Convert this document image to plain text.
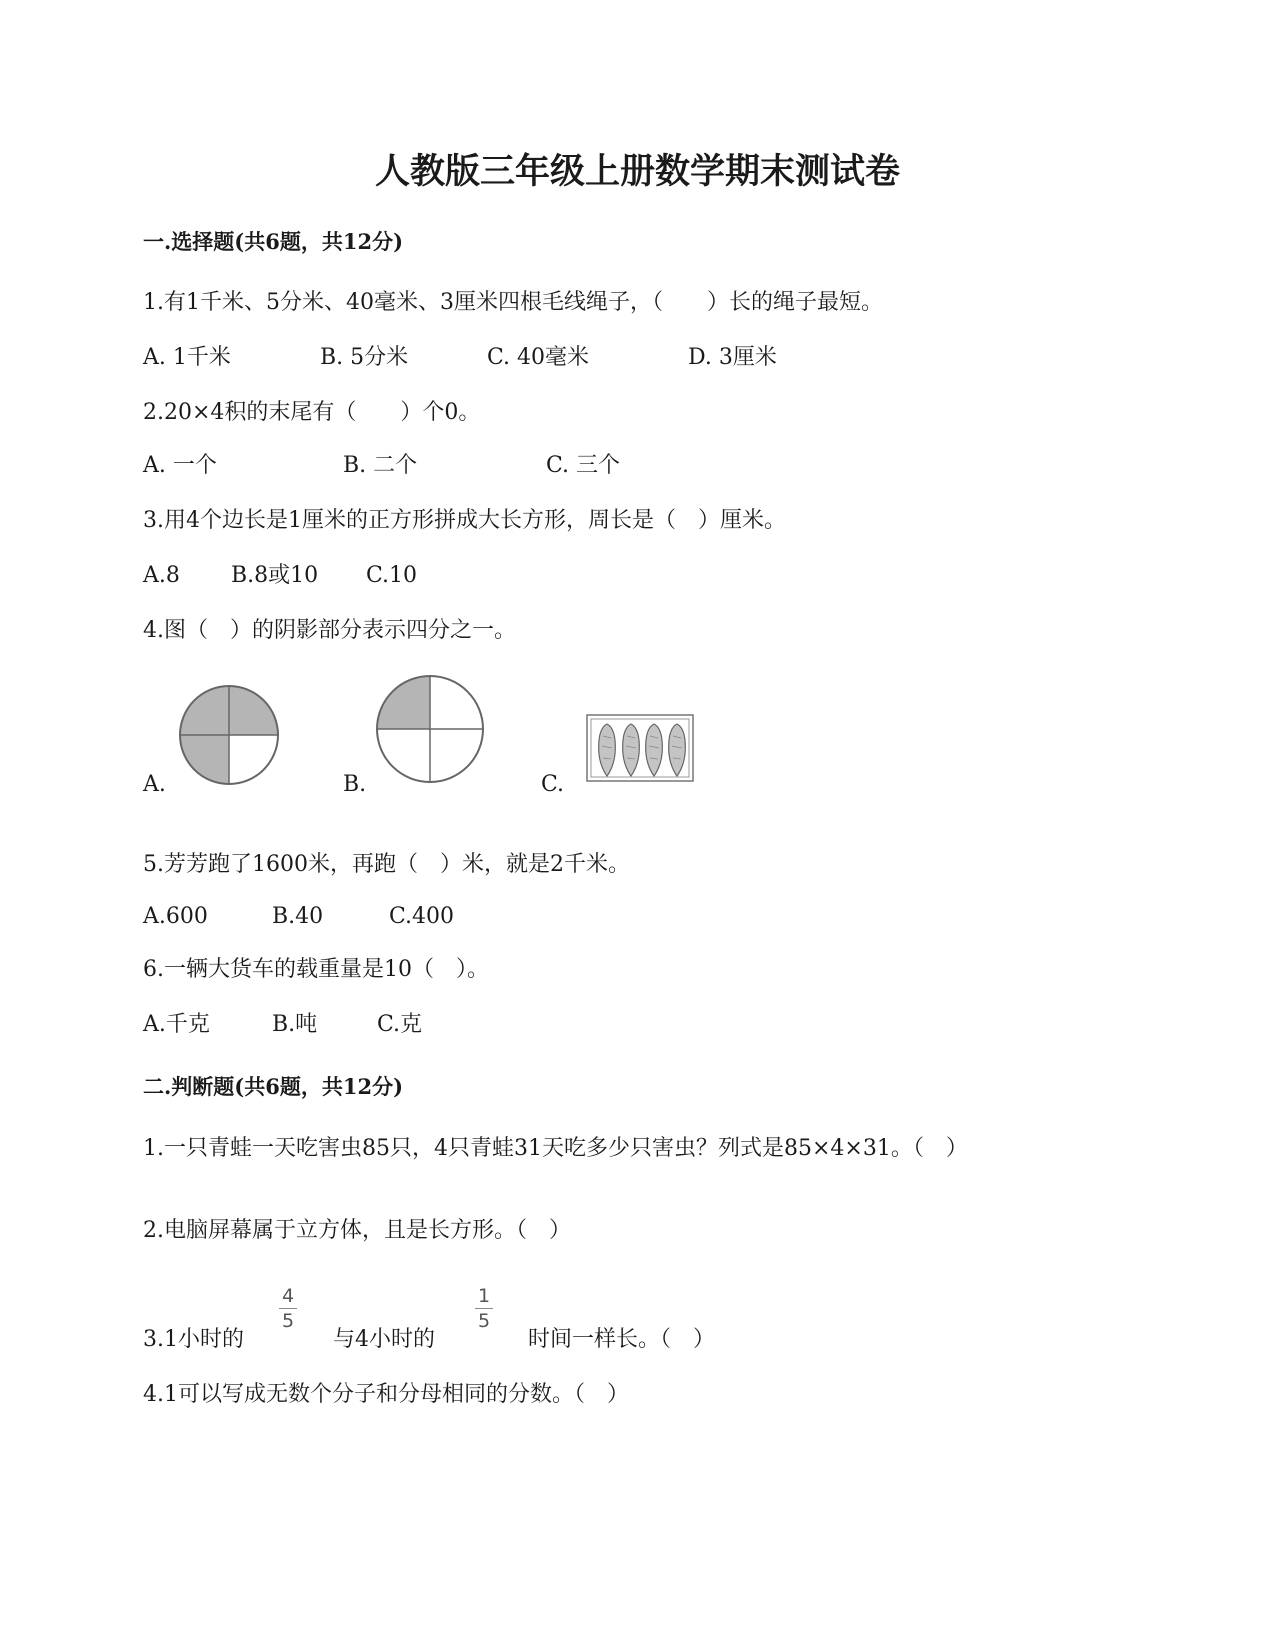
人教版三年级上册数学期末测试卷
一.选择题(共6题，共12分)
1.有1千米、5分米、40毫米、3厘米四根毛线绳子，（　　）长的绳子最短。
A. 1千米	B. 5分米	C. 40毫米	D. 3厘米
2.20×4积的末尾有（　　）个0。
A. 一个	B. 二个	C. 三个
3.用4个边长是1厘米的正方形拼成大长方形，周长是（　）厘米。
A.8 B.8或10 C.10
4.图（　）的阴影部分表示四分之一。
A.	B.	C.
5.芳芳跑了1600米，再跑（　）米，就是2千米。
A.600	B.40	C.400
6.一辆大货车的载重量是10（　）。
A.千克	B.吨	C.克
二.判断题(共6题，共12分)
1.一只青蛙一天吃害虫85只，4只青蛙31天吃多少只害虫？列式是85×4×31。（　）
2.电脑屏幕属于立方体，且是长方形。（　）
3.1小时的
4
5
与4小时的
1
5
时间一样长。（　）
4.1可以写成无数个分子和分母相同的分数。（　）
